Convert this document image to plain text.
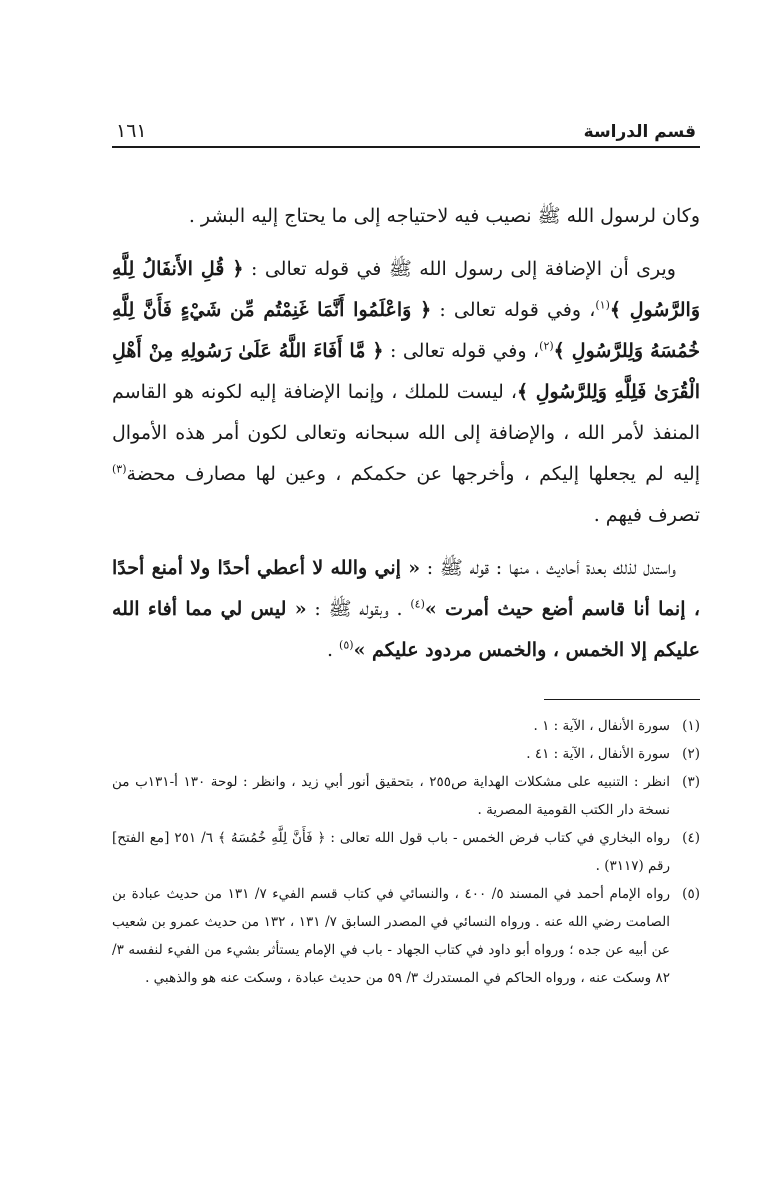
قسم الدراسة
١٦١

وكان لرسول الله ﷺ نصيب فيه لاحتياجه إلى ما يحتاج إليه البشر .

ويرى أن الإضافة إلى رسول الله ﷺ في قوله تعالى : ﴿ قُلِ الأَنفَالُ لِلَّهِ وَالرَّسُولِ ﴾$^{(١)}$، وفي قوله تعالى : ﴿ وَاعْلَمُوا أَنَّمَا غَنِمْتُم مِّن شَيْءٍ فَأَنَّ لِلَّهِ خُمُسَهُ وَلِلرَّسُولِ ﴾$^{(٢)}$، وفي قوله تعالى : ﴿ مَّا أَفَاءَ اللَّهُ عَلَىٰ رَسُولِهِ مِنْ أَهْلِ الْقُرَىٰ فَلِلَّهِ وَلِلرَّسُولِ ﴾، ليست للملك ، وإنما الإضافة إليه لكونه هو القاسم المنفذ لأمر الله ، والإضافة إلى الله سبحانه وتعالى لكون أمر هذه الأموال إليه لم يجعلها إليكم ، وأخرجها عن حكمكم ، وعين لها مصارف محضة$^{(٣)}$ تصرف فيهم .

واستدل لذلك بعدة أحاديث ، منها : قوله ﷺ : « إني والله لا أعطي أحدًا ولا أمنع أحدًا ، إنما أنا قاسم أضع حيث أمرت »$^{(٤)}$ . وبقوله ﷺ : « ليس لي مما أفاء الله عليكم إلا الخمس ، والخمس مردود عليكم »$^{(٥)}$ .

(١)
سورة الأنفال ، الآية : ١ .
(٢)
سورة الأنفال ، الآية : ٤١ .
(٣)
انظر : التنبيه على مشكلات الهداية ص٢٥٥ ، بتحقيق أنور أبي زيد ، وانظر : لوحة ١٣٠ أ-١٣١ب من نسخة دار الكتب القومية المصرية .
(٤)
رواه البخاري في كتاب فرض الخمس - باب قول الله تعالى : ﴿ فَأَنَّ لِلَّهِ خُمُسَهُ ﴾ ٦/ ٢٥١ [مع الفتح] رقم (٣١١٧) .
(٥)
رواه الإمام أحمد في المسند ٥/ ٤٠٠ ، والنسائي في كتاب قسم الفيء ٧/ ١٣١ من حديث عبادة بن الصامت رضي الله عنه . ورواه النسائي في المصدر السابق ٧/ ١٣١ ، ١٣٢ من حديث عمرو بن شعيب عن أبيه عن جده ؛ ورواه أبو داود في كتاب الجهاد - باب في الإمام يستأثر بشيء من الفيء لنفسه ٣/ ٨٢ وسكت عنه ، ورواه الحاكم في المستدرك ٣/ ٥٩ من حديث عبادة ، وسكت عنه هو والذهبي .
